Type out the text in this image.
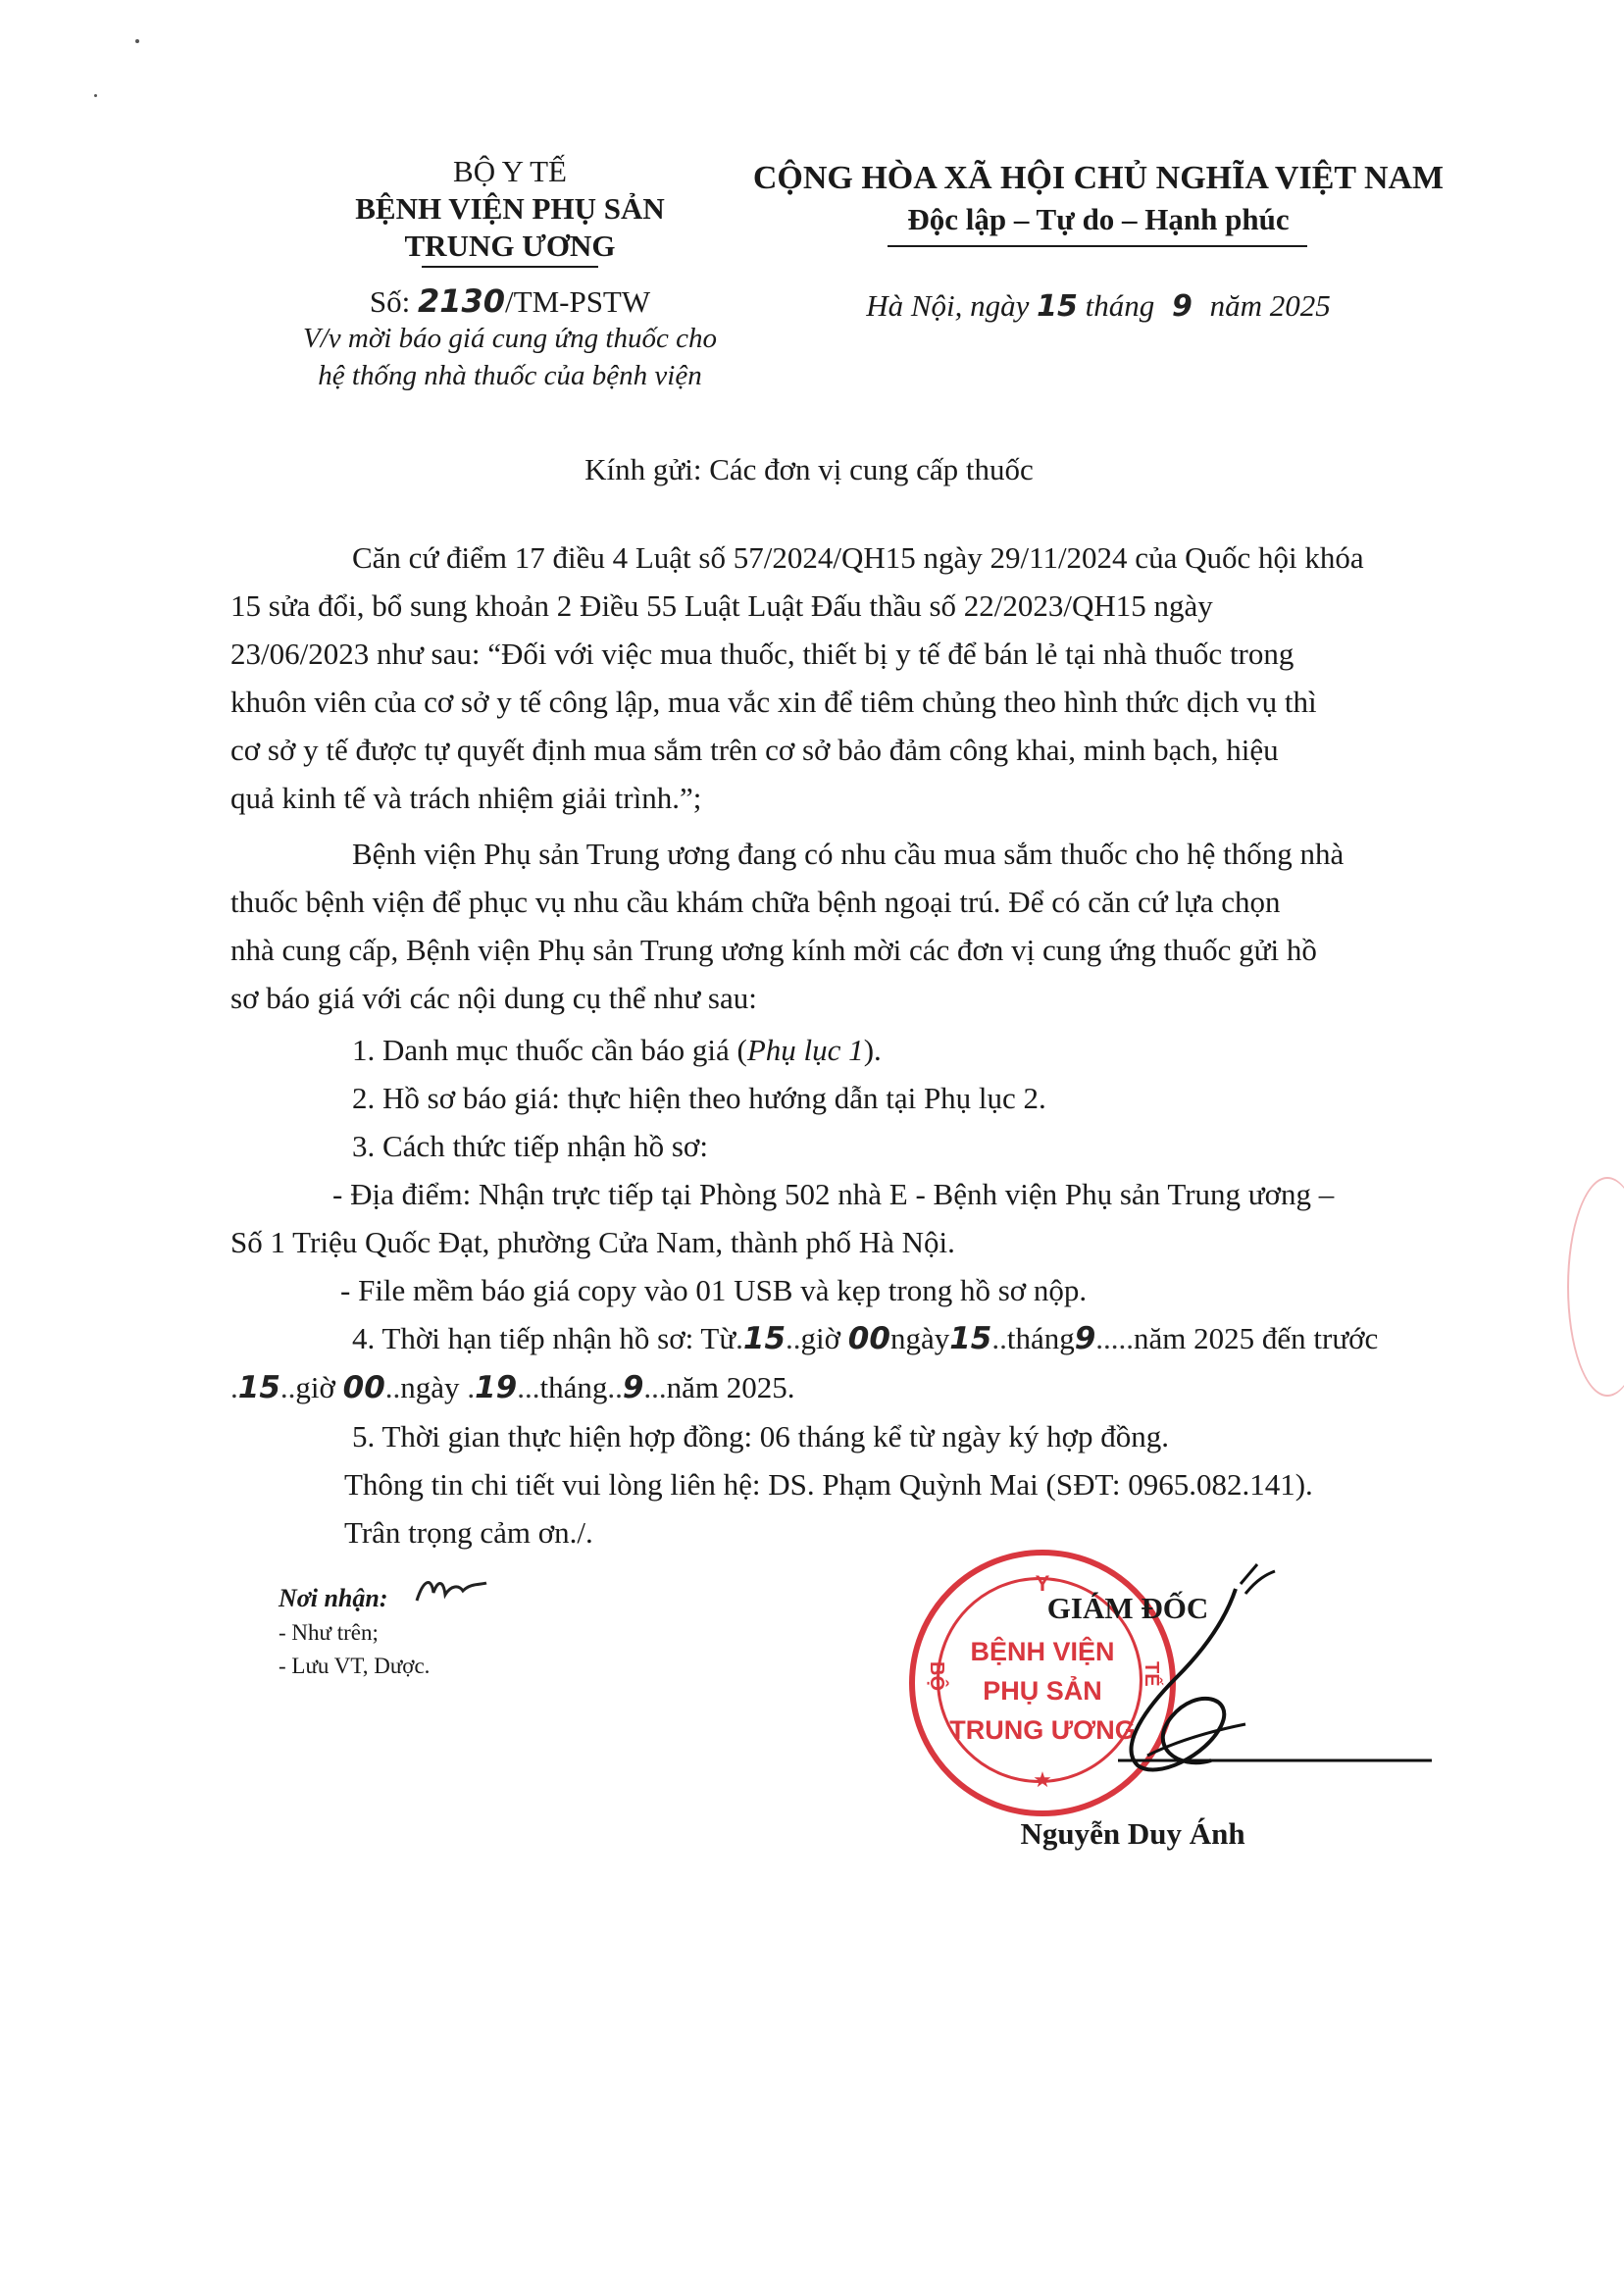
BỘ Y TẾ
BỆNH VIỆN PHỤ SẢN
TRUNG ƯƠNG
Số: 2130/TM-PSTW
V/v mời báo giá cung ứng thuốc cho
hệ thống nhà thuốc của bệnh viện
CỘNG HÒA XÃ HỘI CHỦ NGHĨA VIỆT NAM
Độc lập – Tự do – Hạnh phúc
Hà Nội, ngày 15 tháng 9 năm 2025
Kính gửi: Các đơn vị cung cấp thuốc
Căn cứ điểm 17 điều 4 Luật số 57/2024/QH15 ngày 29/11/2024 của Quốc hội khóa
15 sửa đổi, bổ sung khoản 2 Điều 55 Luật Luật Đấu thầu số 22/2023/QH15 ngày
23/06/2023 như sau: “Đối với việc mua thuốc, thiết bị y tế để bán lẻ tại nhà thuốc trong
khuôn viên của cơ sở y tế công lập, mua vắc xin để tiêm chủng theo hình thức dịch vụ thì
cơ sở y tế được tự quyết định mua sắm trên cơ sở bảo đảm công khai, minh bạch, hiệu
quả kinh tế và trách nhiệm giải trình.”;
Bệnh viện Phụ sản Trung ương đang có nhu cầu mua sắm thuốc cho hệ thống nhà
thuốc bệnh viện để phục vụ nhu cầu khám chữa bệnh ngoại trú. Để có căn cứ lựa chọn
nhà cung cấp, Bệnh viện Phụ sản Trung ương kính mời các đơn vị cung ứng thuốc gửi hồ
sơ báo giá với các nội dung cụ thể như sau:
1. Danh mục thuốc cần báo giá (Phụ lục 1).
2. Hồ sơ báo giá: thực hiện theo hướng dẫn tại Phụ lục 2.
3. Cách thức tiếp nhận hồ sơ:
- Địa điểm: Nhận trực tiếp tại Phòng 502 nhà E - Bệnh viện Phụ sản Trung ương –
Số 1 Triệu Quốc Đạt, phường Cửa Nam, thành phố Hà Nội.
- File mềm báo giá copy vào 01 USB và kẹp trong hồ sơ nộp.
4. Thời hạn tiếp nhận hồ sơ: Từ.15..giờ 00ngày15..tháng9.....năm 2025 đến trước
.15..giờ 00..ngày .19...tháng..9...năm 2025.
5. Thời gian thực hiện hợp đồng: 06 tháng kể từ ngày ký hợp đồng.
Thông tin chi tiết vui lòng liên hệ: DS. Phạm Quỳnh Mai (SĐT: 0965.082.141).
Trân trọng cảm ơn./.
Nơi nhận:
- Như trên;
- Lưu VT, Dược.
Y
BỘ	TẾ
BỆNH VIỆN
PHỤ SẢN
TRUNG ƯƠNG
★
GIÁM ĐỐC
Nguyễn Duy Ánh
